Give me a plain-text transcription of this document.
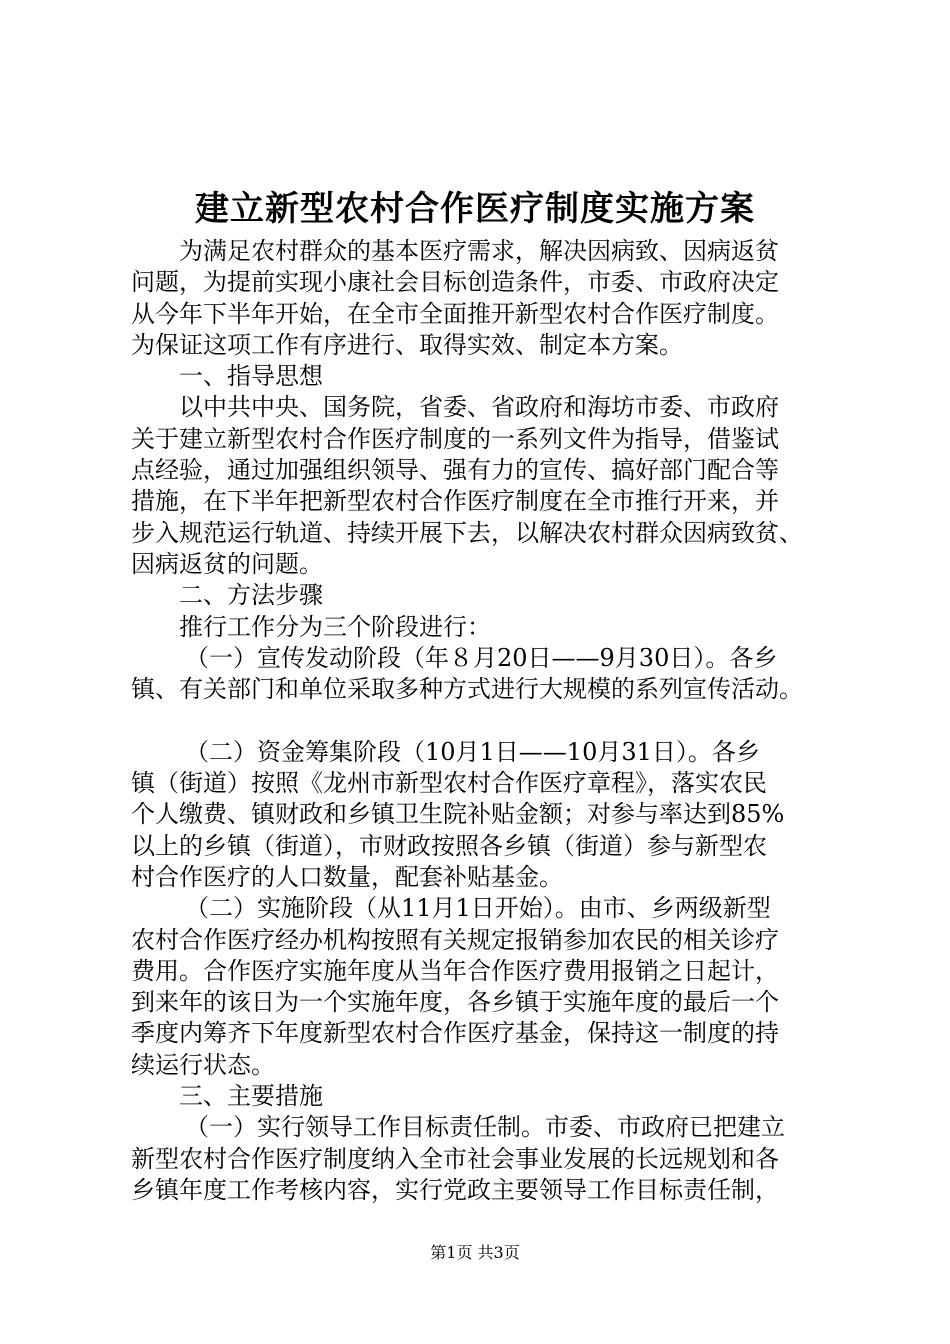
建立新型农村合作医疗制度实施方案
为满足农村群众的基本医疗需求，解决因病致、因病返贫
问题，为提前实现小康社会目标创造条件，市委、市政府决定
从今年下半年开始，在全市全面推开新型农村合作医疗制度。
为保证这项工作有序进行、取得实效、制定本方案。
一、指导思想
以中共中央、国务院，省委、省政府和海坊市委、市政府
关于建立新型农村合作医疗制度的一系列文件为指导，借鉴试
点经验，通过加强组织领导、强有力的宣传、搞好部门配合等
措施，在下半年把新型农村合作医疗制度在全市推行开来，并
步入规范运行轨道、持续开展下去，以解决农村群众因病致贫、
因病返贫的问题。
二、方法步骤
推行工作分为三个阶段进行：
（一）宣传发动阶段（年８月20日——9月30日）。各乡
镇、有关部门和单位采取多种方式进行大规模的系列宣传活动。
（二）资金筹集阶段（10月1日——10月31日）。各乡
镇（街道）按照《龙州市新型农村合作医疗章程》，落实农民
个人缴费、镇财政和乡镇卫生院补贴金额；对参与率达到85%
以上的乡镇（街道），市财政按照各乡镇（街道）参与新型农
村合作医疗的人口数量，配套补贴基金。
（二）实施阶段（从11月1日开始）。由市、乡两级新型
农村合作医疗经办机构按照有关规定报销参加农民的相关诊疗
费用。合作医疗实施年度从当年合作医疗费用报销之日起计，
到来年的该日为一个实施年度，各乡镇于实施年度的最后一个
季度内筹齐下年度新型农村合作医疗基金，保持这一制度的持
续运行状态。
三、主要措施
（一）实行领导工作目标责任制。市委、市政府已把建立
新型农村合作医疗制度纳入全市社会事业发展的长远规划和各
乡镇年度工作考核内容，实行党政主要领导工作目标责任制，
第1页 共3页
